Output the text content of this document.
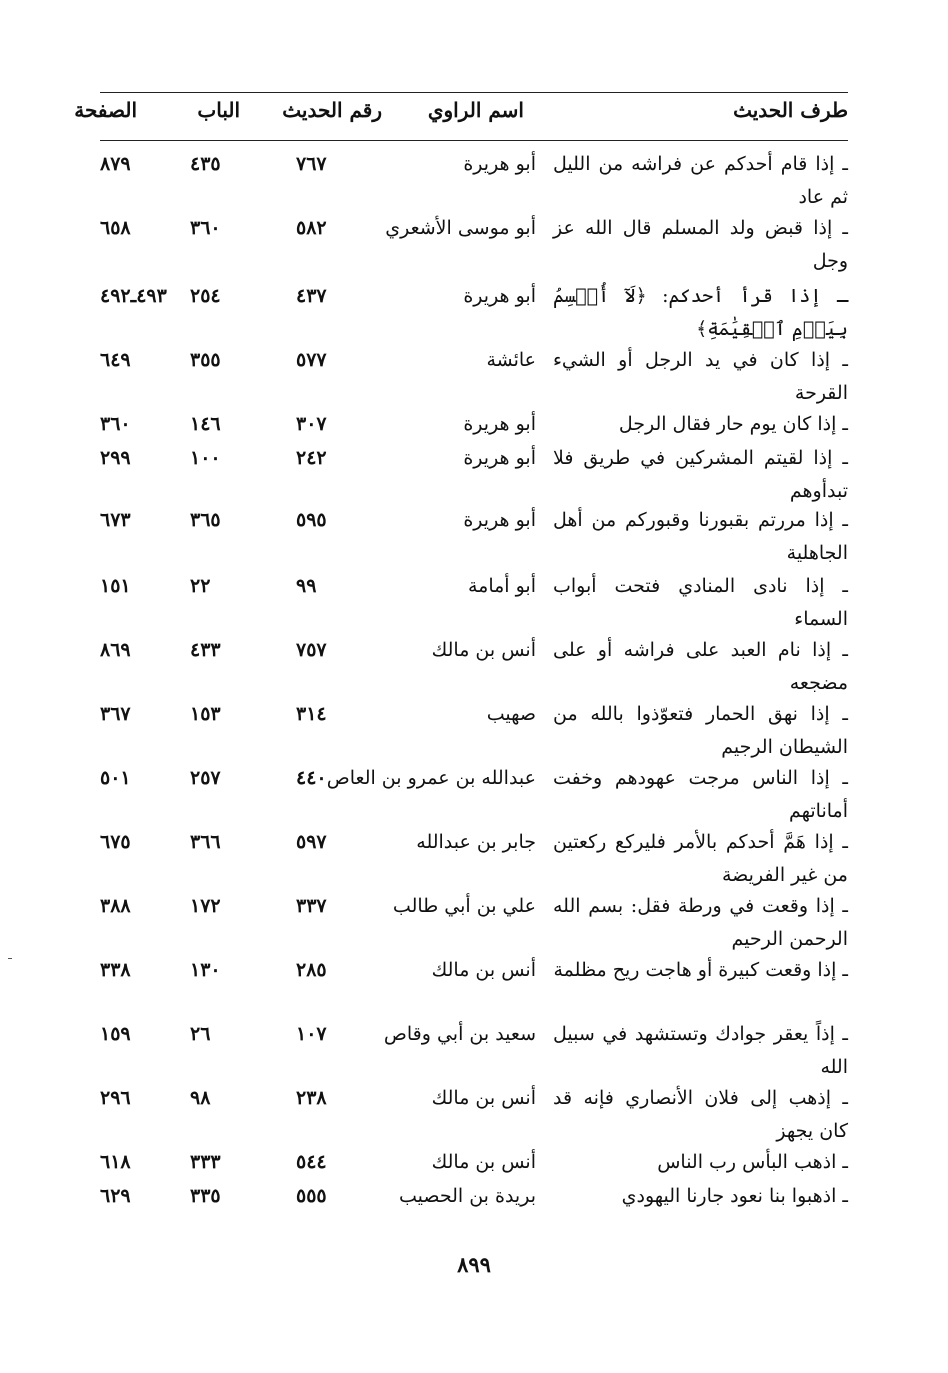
طرف الحديث
اسم الراوي
رقم الحديث
الباب
الصفحة
ـ إذا قام أحدكم عن فراشه من الليل ثم عاد
أبو هريرة
٧٦٧
٤٣٥
٨٧٩
ـ إذا قبض ولد المسلم قال الله عز وجل
أبو موسى الأشعري
٥٨٢
٣٦٠
٦٥٨
ـ إذا قرأ أحدكم: ﴿لَآ أُقۡسِمُ بِيَوۡمِ ٱلۡقِيَٰمَةِ﴾
أبو هريرة
٤٣٧
٢٥٤
٤٩٣ـ٤٩٢
ـ إذا كان في يد الرجل أو الشيء القرحة
عائشة
٥٧٧
٣٥٥
٦٤٩
ـ إذا كان يوم حار فقال الرجل
أبو هريرة
٣٠٧
١٤٦
٣٦٠
ـ إذا لقيتم المشركين في طريق فلا تبدأوهم
أبو هريرة
٢٤٢
١٠٠
٢٩٩
ـ إذا مررتم بقبورنا وقبوركم من أهل الجاهلية
أبو هريرة
٥٩٥
٣٦٥
٦٧٣
ـ إذا نادى المنادي فتحت أبواب السماء
أبو أمامة
٩٩
٢٢
١٥١
ـ إذا نام العبد على فراشه أو على مضجعه
أنس بن مالك
٧٥٧
٤٣٣
٨٦٩
ـ إذا نهق الحمار فتعوّذوا بالله من الشيطان الرجيم
صهيب
٣١٤
١٥٣
٣٦٧
ـ إذا الناس مرجت عهودهم وخفت أماناتهم
عبدالله بن عمرو بن العاص
٤٤٠
٢٥٧
٥٠١
ـ إذا هَمَّ أحدكم بالأمر فليركع ركعتين من غير الفريضة
جابر بن عبدالله
٥٩٧
٣٦٦
٦٧٥
ـ إذا وقعت في ورطة فقل: بسم الله الرحمن الرحيم
علي بن أبي طالب
٣٣٧
١٧٢
٣٨٨
ـ إذا وقعت كبيرة أو هاجت ريح مظلمة
أنس بن مالك
٢٨٥
١٣٠
٣٣٨
ـ إذاً يعقر جوادك وتستشهد في سبيل الله
سعيد بن أبي وقاص
١٠٧
٢٦
١٥٩
ـ إذهب إلى فلان الأنصاري فإنه قد كان يجهز
أنس بن مالك
٢٣٨
٩٨
٢٩٦
ـ اذهب البأس رب الناس
أنس بن مالك
٥٤٤
٣٣٣
٦١٨
ـ اذهبوا بنا نعود جارنا اليهودي
بريدة بن الحصيب
٥٥٥
٣٣٥
٦٢٩
٨٩٩
